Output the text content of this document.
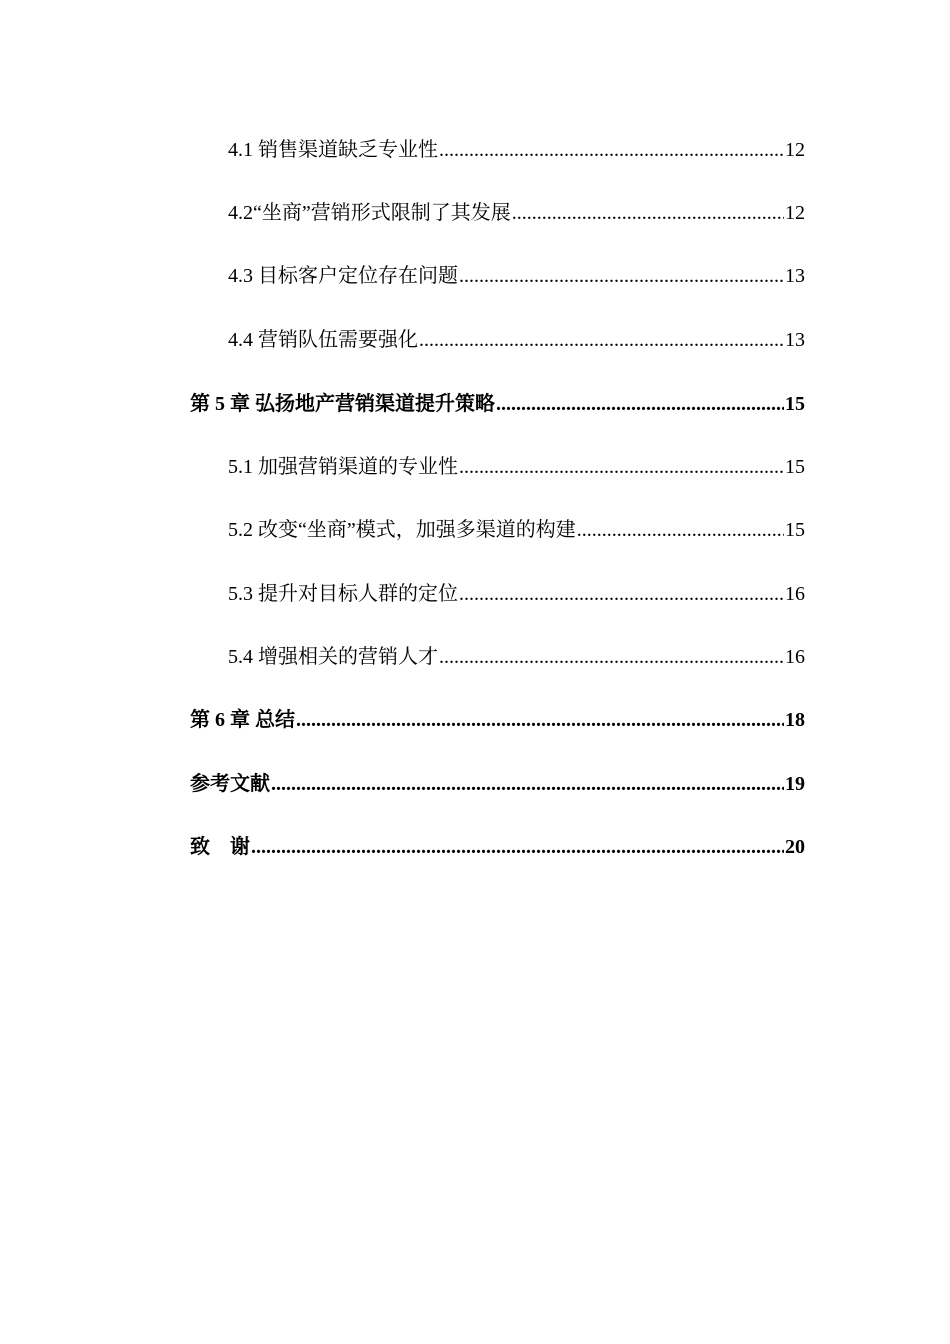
4.1 销售渠道缺乏专业性 .....	12
4.2“坐商”营销形式限制了其发展 .....	12
4.3 目标客户定位存在问题 .....	13
4.4 营销队伍需要强化 .....	13
第 5 章 弘扬地产营销渠道提升策略 .....	15
5.1 加强营销渠道的专业性 .....	15
5.2 改变“坐商”模式，加强多渠道的构建 .....	15
5.3 提升对目标人群的定位 .....	16
5.4 增强相关的营销人才 .....	16
第 6 章 总结 .....	18
参考文献 .....	19
致    谢 .....	20
